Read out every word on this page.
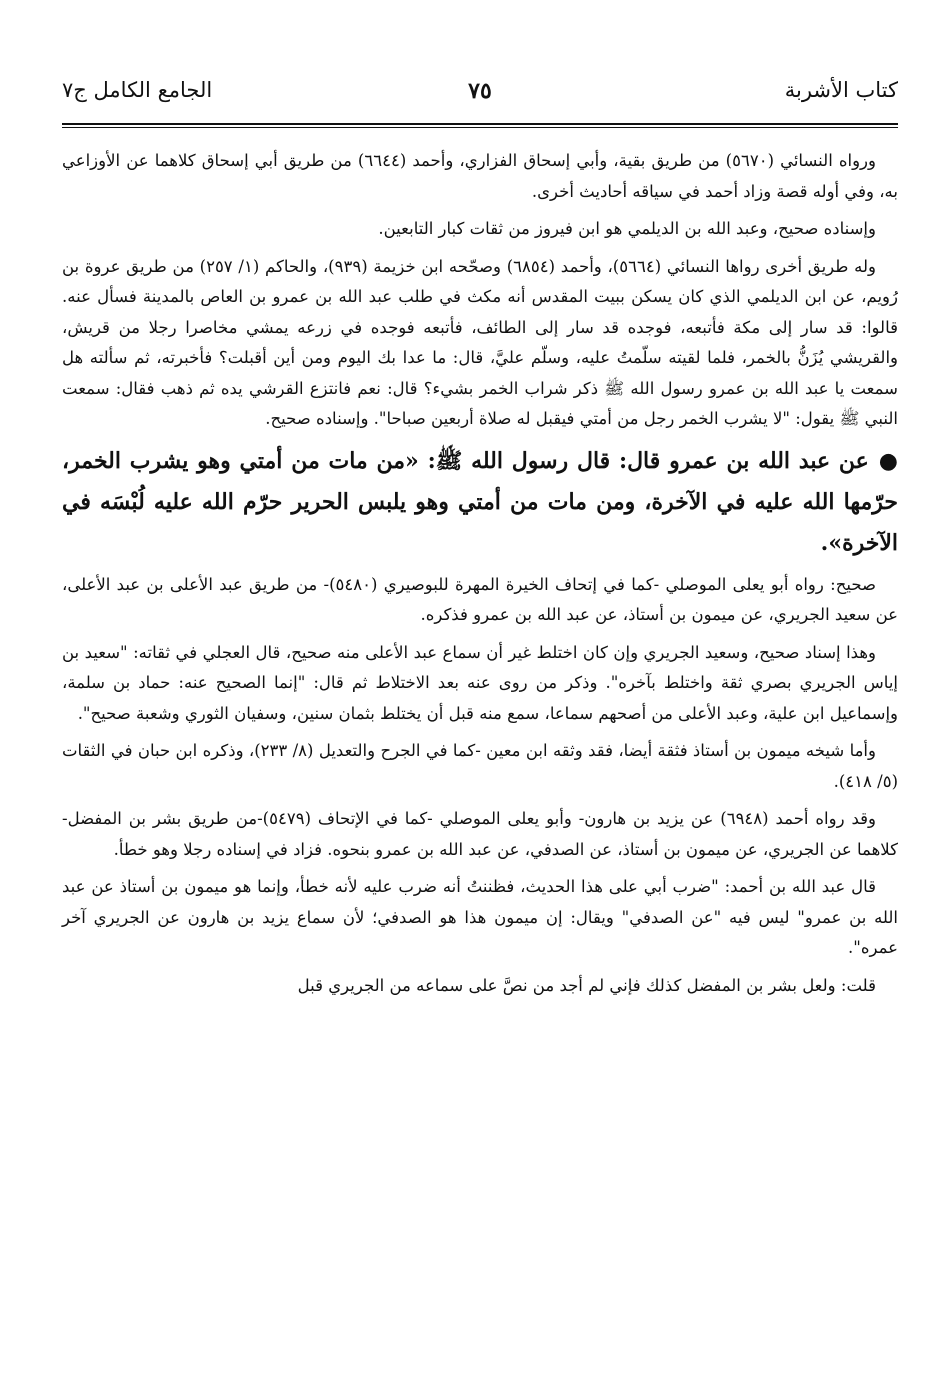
كتاب الأشربة
٧٥
الجامع الكامل ج٧

ورواه النسائي (٥٦٧٠) من طريق بقية، وأبي إسحاق الفزاري، وأحمد (٦٦٤٤) من طريق أبي إسحاق كلاهما عن الأوزاعي به، وفي أوله قصة وزاد أحمد في سياقه أحاديث أخرى.

وإسناده صحيح، وعبد الله بن الديلمي هو ابن فيروز من ثقات كبار التابعين.

وله طريق أخرى رواها النسائي (٥٦٦٤)، وأحمد (٦٨٥٤) وصحّحه ابن خزيمة (٩٣٩)، والحاكم (١/ ٢٥٧) من طريق عروة بن رُويم، عن ابن الديلمي الذي كان يسكن ببيت المقدس أنه مكث في طلب عبد الله بن عمرو بن العاص بالمدينة فسأل عنه. قالوا: قد سار إلى مكة فأتبعه، فوجده قد سار إلى الطائف، فأتبعه فوجده في زرعه يمشي مخاصرا رجلا من قريش، والقريشي يُزَنُّ بالخمر، فلما لقيته سلّمتُ عليه، وسلّم عليَّ، قال: ما عدا بك اليوم ومن أين أقبلت؟ فأخبرته، ثم سألته هل سمعت يا عبد الله بن عمرو رسول الله ﷺ ذكر شراب الخمر بشيء؟ قال: نعم فانتزع القرشي يده ثم ذهب فقال: سمعت النبي ﷺ يقول: "لا يشرب الخمر رجل من أمتي فيقبل له صلاة أربعين صباحا". وإسناده صحيح.

●عن عبد الله بن عمرو قال: قال رسول الله ﷺ: «من مات من أمتي وهو يشرب الخمر، حرّمها الله عليه في الآخرة، ومن مات من أمتي وهو يلبس الحرير حرّم الله عليه لُبْسَه في الآخرة».

صحيح: رواه أبو يعلى الموصلي -كما في إتحاف الخيرة المهرة للبوصيري (٥٤٨٠)- من طريق عبد الأعلى بن عبد الأعلى، عن سعيد الجريري، عن ميمون بن أستاذ، عن عبد الله بن عمرو فذكره.

وهذا إسناد صحيح، وسعيد الجريري وإن كان اختلط غير أن سماع عبد الأعلى منه صحيح، قال العجلي في ثقاته: "سعيد بن إياس الجريري بصري ثقة واختلط بآخره". وذكر من روى عنه بعد الاختلاط ثم قال: "إنما الصحيح عنه: حماد بن سلمة، وإسماعيل ابن علية، وعبد الأعلى من أصحهم سماعا، سمع منه قبل أن يختلط بثمان سنين، وسفيان الثوري وشعبة صحيح".

وأما شيخه ميمون بن أستاذ فثقة أيضا، فقد وثقه ابن معين -كما في الجرح والتعديل (٨/ ٢٣٣)، وذكره ابن حبان في الثقات (٥/ ٤١٨).

وقد رواه أحمد (٦٩٤٨) عن يزيد بن هارون- وأبو يعلى الموصلي -كما في الإتحاف (٥٤٧٩)-من طريق بشر بن المفضل- كلاهما عن الجريري، عن ميمون بن أستاذ، عن الصدفي، عن عبد الله بن عمرو بنحوه. فزاد في إسناده رجلا وهو خطأ.

قال عبد الله بن أحمد: "ضرب أبي على هذا الحديث، فظننتُ أنه ضرب عليه لأنه خطأ، وإنما هو ميمون بن أستاذ عن عبد الله بن عمرو" ليس فيه "عن الصدفي" ويقال: إن ميمون هذا هو الصدفي؛ لأن سماع يزيد بن هارون عن الجريري آخر عمره".

قلت: ولعل بشر بن المفضل كذلك فإني لم أجد من نصَّ على سماعه من الجريري قبل
